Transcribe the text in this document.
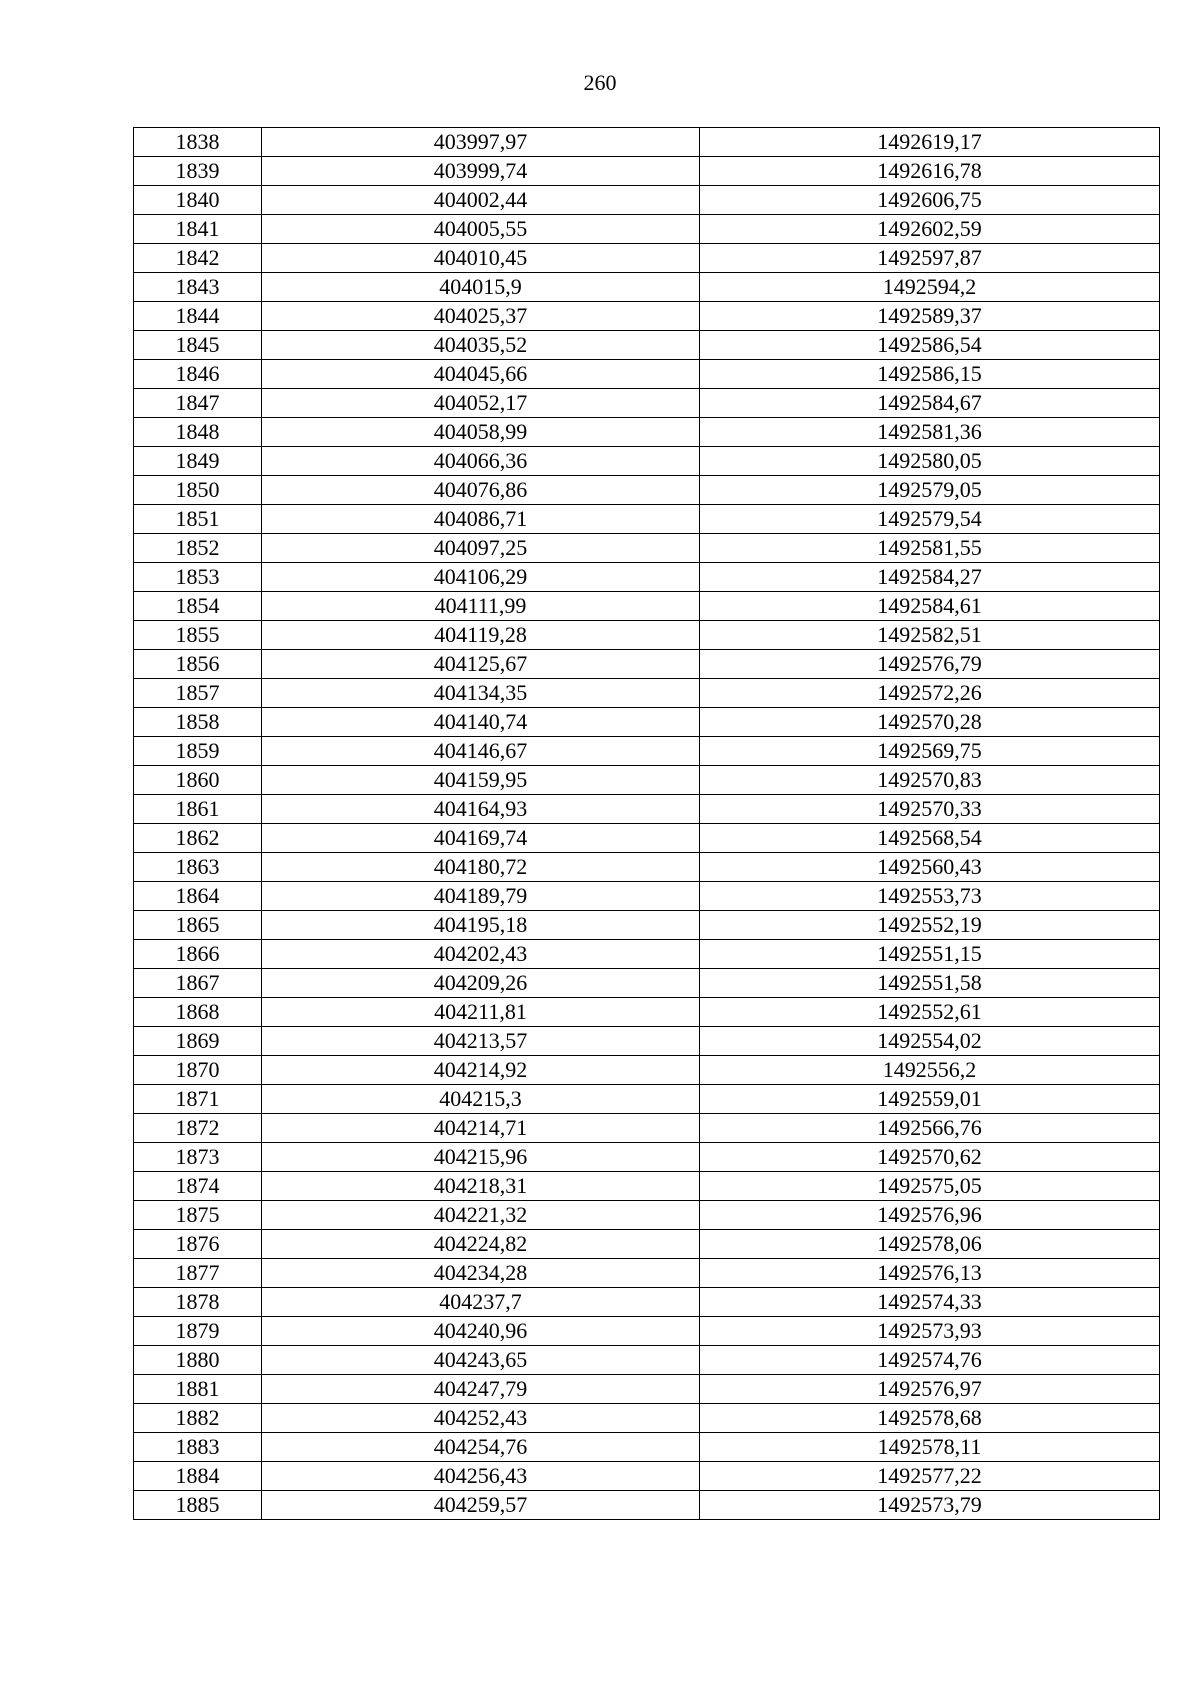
260
1838	403997,97	1492619,17
1839	403999,74	1492616,78
1840	404002,44	1492606,75
1841	404005,55	1492602,59
1842	404010,45	1492597,87
1843	404015,9	1492594,2
1844	404025,37	1492589,37
1845	404035,52	1492586,54
1846	404045,66	1492586,15
1847	404052,17	1492584,67
1848	404058,99	1492581,36
1849	404066,36	1492580,05
1850	404076,86	1492579,05
1851	404086,71	1492579,54
1852	404097,25	1492581,55
1853	404106,29	1492584,27
1854	404111,99	1492584,61
1855	404119,28	1492582,51
1856	404125,67	1492576,79
1857	404134,35	1492572,26
1858	404140,74	1492570,28
1859	404146,67	1492569,75
1860	404159,95	1492570,83
1861	404164,93	1492570,33
1862	404169,74	1492568,54
1863	404180,72	1492560,43
1864	404189,79	1492553,73
1865	404195,18	1492552,19
1866	404202,43	1492551,15
1867	404209,26	1492551,58
1868	404211,81	1492552,61
1869	404213,57	1492554,02
1870	404214,92	1492556,2
1871	404215,3	1492559,01
1872	404214,71	1492566,76
1873	404215,96	1492570,62
1874	404218,31	1492575,05
1875	404221,32	1492576,96
1876	404224,82	1492578,06
1877	404234,28	1492576,13
1878	404237,7	1492574,33
1879	404240,96	1492573,93
1880	404243,65	1492574,76
1881	404247,79	1492576,97
1882	404252,43	1492578,68
1883	404254,76	1492578,11
1884	404256,43	1492577,22
1885	404259,57	1492573,79
